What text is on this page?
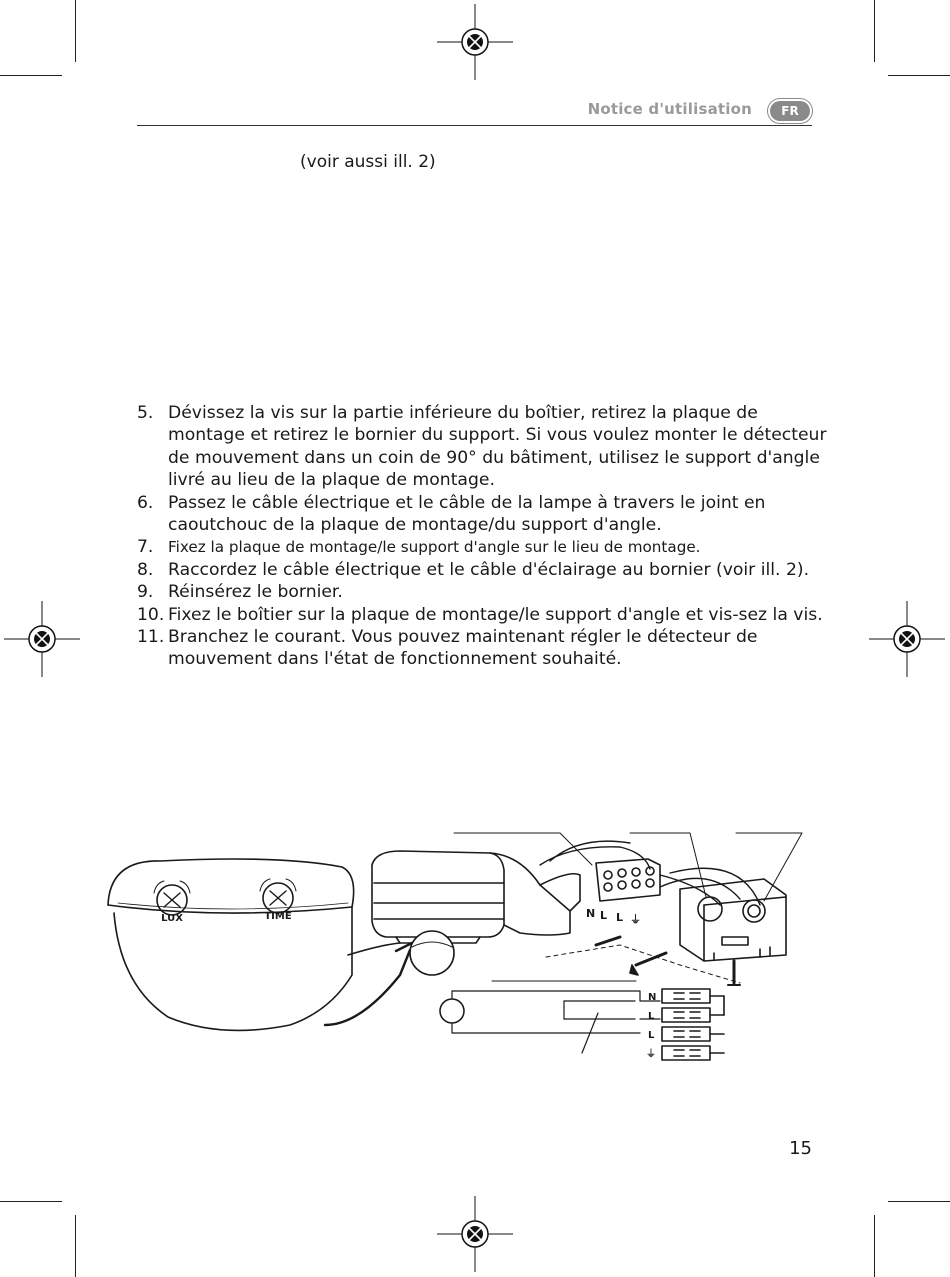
Notice d'utilisation	FR
(voir aussi ill. 2)
5. Dévissez la vis sur la partie inférieure du boîtier, retirez la plaque de montage et retirez le bornier du support. Si vous voulez monter le détecteur de mouvement dans un coin de 90° du bâtiment, utilisez le support d'angle livré au lieu de la plaque de montage.
6. Passez le câble électrique et le câble de la lampe à travers le joint en caoutchouc de la plaque de montage/du support d'angle.
7. Fixez la plaque de montage/le support d'angle sur le lieu de montage.
8. Raccordez le câble électrique et le câble d'éclairage au bornier (voir ill. 2).
9. Réinsérez le bornier.
10. Fixez le boîtier sur la plaque de montage/le support d'angle et vis-sez la vis.
11. Branchez le courant. Vous pouvez maintenant régler le détecteur de mouvement dans l'état de fonctionnement souhaité.
LUX	TIME	N L L ⏚
N
L
L
⏚
15
